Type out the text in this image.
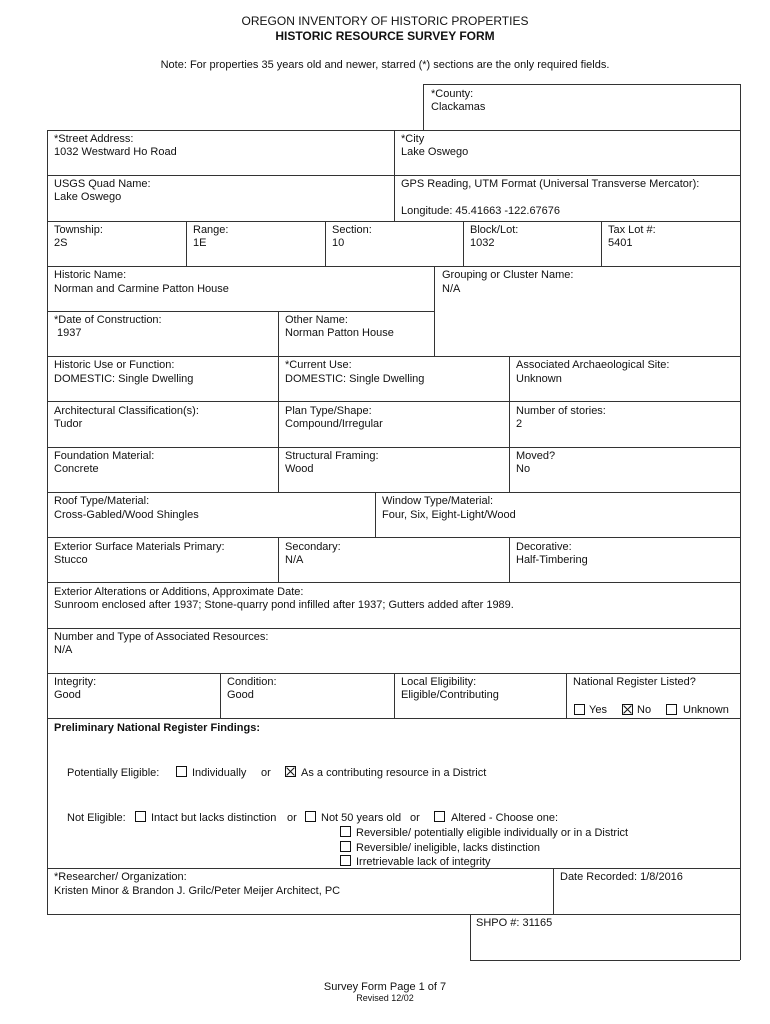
OREGON INVENTORY OF HISTORIC PROPERTIES
HISTORIC RESOURCE SURVEY FORM
Note: For properties 35 years old and newer, starred (*) sections are the only required fields.
*County:
Clackamas
*Street Address:
1032 Westward Ho Road
*City
Lake Oswego
USGS Quad Name:
Lake Oswego
GPS Reading, UTM Format (Universal Transverse Mercator):
Longitude: 45.41663 -122.67676
Township:
2S
Range:
1E
Section:
10
Block/Lot:
1032
Tax Lot #:
5401
Historic Name:
Norman and Carmine Patton House
Grouping or Cluster Name:
N/A
*Date of Construction:
1937
Other Name:
Norman Patton House
Historic Use or Function:
DOMESTIC: Single Dwelling
*Current Use:
DOMESTIC: Single Dwelling
Associated Archaeological Site:
Unknown
Architectural Classification(s):
Tudor
Plan Type/Shape:
Compound/Irregular
Number of stories:
2
Foundation Material:
Concrete
Structural Framing:
Wood
Moved?
No
Roof Type/Material:
Cross-Gabled/Wood Shingles
Window Type/Material:
Four, Six, Eight-Light/Wood
Exterior Surface Materials Primary:
Stucco
Secondary:
N/A
Decorative:
Half-Timbering
Exterior Alterations or Additions, Approximate Date:
Sunroom enclosed after 1937; Stone-quarry pond infilled after 1937; Gutters added after 1989.
Number and Type of Associated Resources:
N/A
Integrity:
Good
Condition:
Good
Local Eligibility:
Eligible/Contributing
National Register Listed?
Yes	No	Unknown
Preliminary National Register Findings:
Potentially Eligible:	Individually or	As a contributing resource in a District
Not Eligible: Intact but lacks distinction or Not 50 years old or	Altered - Choose one:
Reversible/ potentially eligible individually or in a District
Reversible/ ineligible, lacks distinction
Irretrievable lack of integrity
*Researcher/ Organization:
Kristen Minor & Brandon J. Grilc/Peter Meijer Architect, PC
Date Recorded: 1/8/2016
SHPO #: 31165
Survey Form Page 1 of 7
Revised 12/02
